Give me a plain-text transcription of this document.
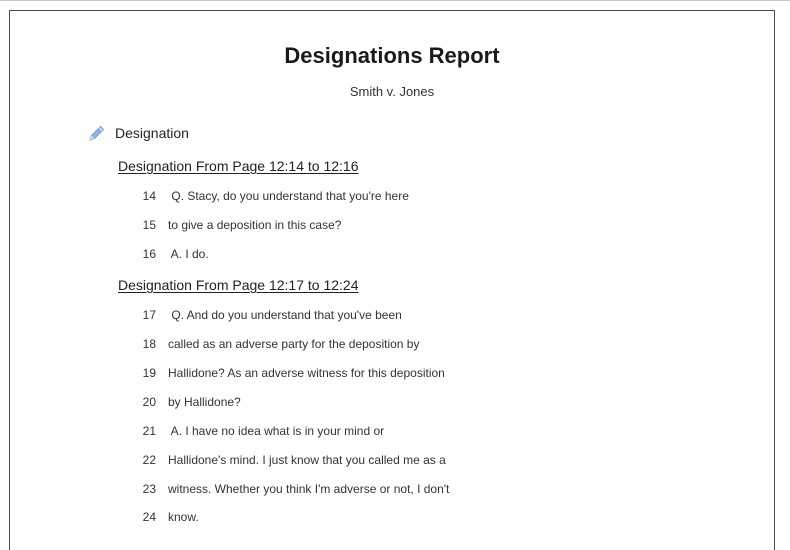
Designations Report
Smith v. Jones
Designation
Designation From Page 12:14 to 12:16
14 Q. Stacy, do you understand that you're here
15 to give a deposition in this case?
16 A. I do.
Designation From Page 12:17 to 12:24
17 Q. And do you understand that you've been
18 called as an adverse party for the deposition by
19 Hallidone? As an adverse witness for this deposition
20 by Hallidone?
21 A. I have no idea what is in your mind or
22 Hallidone's mind. I just know that you called me as a
23 witness. Whether you think I'm adverse or not, I don't
24 know.
